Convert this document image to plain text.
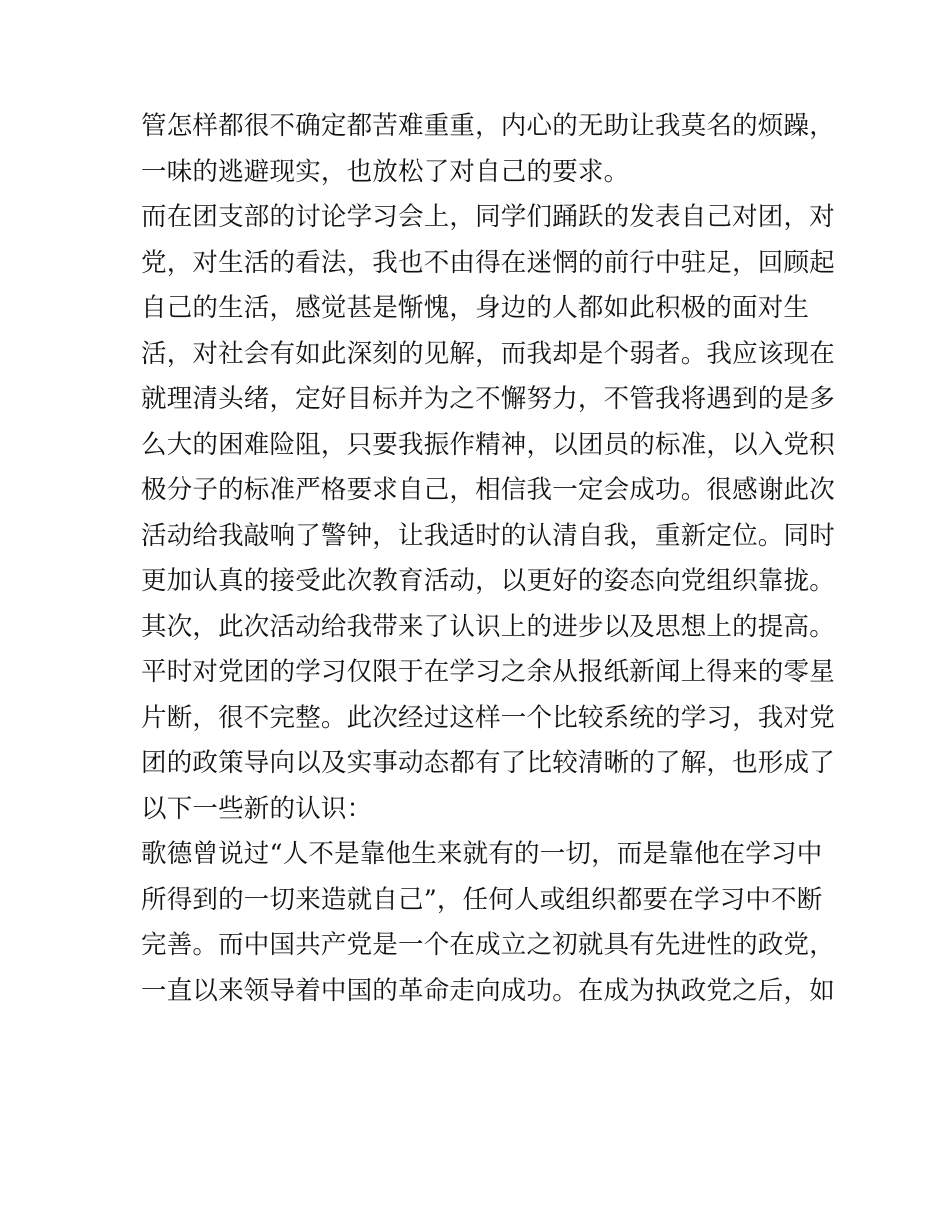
管怎样都很不确定都苦难重重，内心的无助让我莫名的烦躁，
一味的逃避现实，也放松了对自己的要求。
而在团支部的讨论学习会上，同学们踊跃的发表自己对团，对
党，对生活的看法，我也不由得在迷惘的前行中驻足，回顾起
自己的生活，感觉甚是惭愧，身边的人都如此积极的面对生
活，对社会有如此深刻的见解，而我却是个弱者。我应该现在
就理清头绪，定好目标并为之不懈努力，不管我将遇到的是多
么大的困难险阻，只要我振作精神，以团员的标准，以入党积
极分子的标准严格要求自己，相信我一定会成功。很感谢此次
活动给我敲响了警钟，让我适时的认清自我，重新定位。同时
更加认真的接受此次教育活动，以更好的姿态向党组织靠拢。
其次，此次活动给我带来了认识上的进步以及思想上的提高。
平时对党团的学习仅限于在学习之余从报纸新闻上得来的零星
片断，很不完整。此次经过这样一个比较系统的学习，我对党
团的政策导向以及实事动态都有了比较清晰的了解，也形成了
以下一些新的认识：
歌德曾说过“人不是靠他生来就有的一切，而是靠他在学习中
所得到的一切来造就自己”，任何人或组织都要在学习中不断
完善。而中国共产党是一个在成立之初就具有先进性的政党，
一直以来领导着中国的革命走向成功。在成为执政党之后，如
